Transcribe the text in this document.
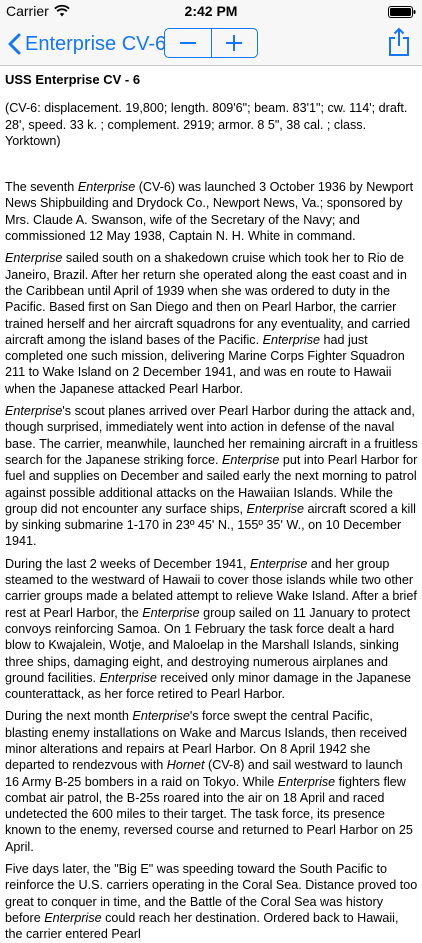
Carrier	2:42 PM
Enterprise CV-6
USS Enterprise CV - 6

(CV-6: displacement. 19,800; length. 809'6"; beam. 83'1"; cw. 114'; draft. 28', speed. 33 k. ; complement. 2919; armor. 8 5", 38 cal. ; class. Yorktown)

The seventh Enterprise (CV-6) was launched 3 October 1936 by Newport News Shipbuilding and Drydock Co., Newport News, Va.; sponsored by Mrs. Claude A. Swanson, wife of the Secretary of the Navy; and commissioned 12 May 1938, Captain N. H. White in command.

Enterprise sailed south on a shakedown cruise which took her to Rio de Janeiro, Brazil. After her return she operated along the east coast and in the Caribbean until April of 1939 when she was ordered to duty in the Pacific. Based first on San Diego and then on Pearl Harbor, the carrier trained herself and her aircraft squadrons for any eventuality, and carried aircraft among the island bases of the Pacific. Enterprise had just completed one such mission, delivering Marine Corps Fighter Squadron 211 to Wake Island on 2 December 1941, and was en route to Hawaii when the Japanese attacked Pearl Harbor.

Enterprise's scout planes arrived over Pearl Harbor during the attack and, though surprised, immediately went into action in defense of the naval base. The carrier, meanwhile, launched her remaining aircraft in a fruitless search for the Japanese striking force. Enterprise put into Pearl Harbor for fuel and supplies on December and sailed early the next morning to patrol against possible additional attacks on the Hawaiian Islands. While the group did not encounter any surface ships, Enterprise aircraft scored a kill by sinking submarine 1-170 in 23º 45' N., 155º 35' W., on 10 December 1941.

During the last 2 weeks of December 1941, Enterprise and her group steamed to the westward of Hawaii to cover those islands while two other carrier groups made a belated attempt to relieve Wake Island. After a brief rest at Pearl Harbor, the Enterprise group sailed on 11 January to protect convoys reinforcing Samoa. On 1 February the task force dealt a hard blow to Kwajalein, Wotje, and Maloelap in the Marshall Islands, sinking three ships, damaging eight, and destroying numerous airplanes and ground facilities. Enterprise received only minor damage in the Japanese counterattack, as her force retired to Pearl Harbor.

During the next month Enterprise's force swept the central Pacific, blasting enemy installations on Wake and Marcus Islands, then received minor alterations and repairs at Pearl Harbor. On 8 April 1942 she departed to rendezvous with Hornet (CV-8) and sail westward to launch 16 Army B-25 bombers in a raid on Tokyo. While Enterprise fighters flew combat air patrol, the B-25s roared into the air on 18 April and raced undetected the 600 miles to their target. The task force, its presence known to the enemy, reversed course and returned to Pearl Harbor on 25 April.

Five days later, the "Big E" was speeding toward the South Pacific to reinforce the U.S. carriers operating in the Coral Sea. Distance proved too great to conquer in time, and the Battle of the Coral Sea was history before Enterprise could reach her destination. Ordered back to Hawaii, the carrier entered Pearl
